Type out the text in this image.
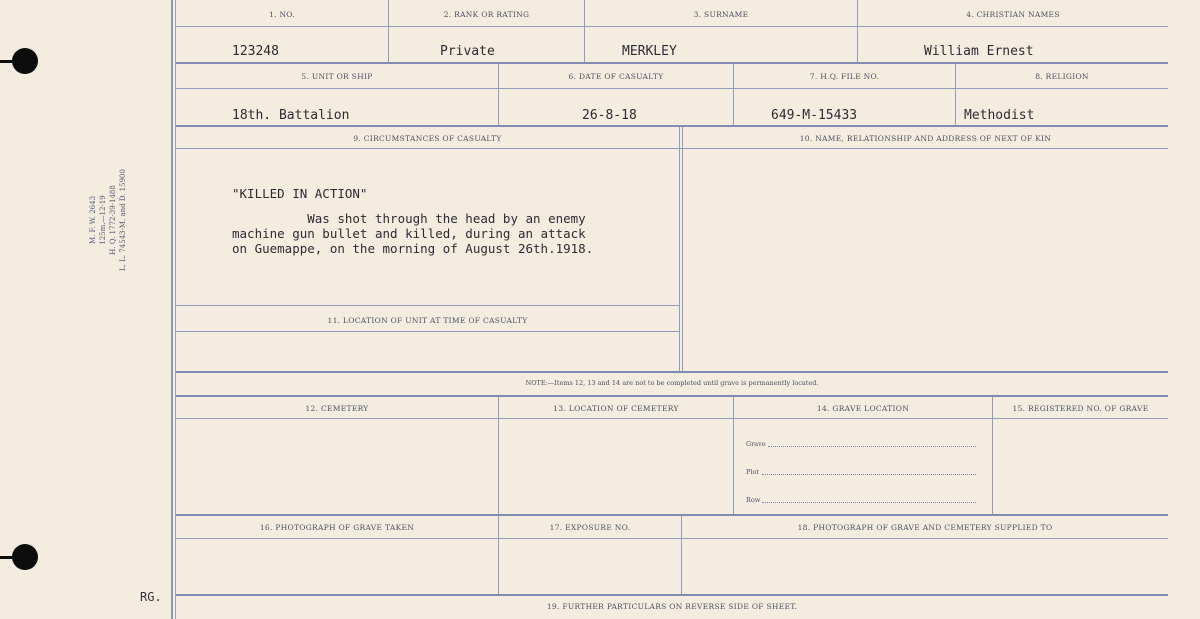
M. F. W. 2643 125m.—12-19 H. Q. 1772-39-1488 L. L. 74543-M. and D. 15900
RG.
1. NO.	2. RANK OR RATING	3. SURNAME	4. CHRISTIAN NAMES
123248	Private	MERKLEY	William Ernest
5. UNIT OR SHIP	6. DATE OF CASUALTY	7. H.Q. FILE NO.	8. RELIGION
18th. Battalion	26-8-18	649-M-15433	Methodist
9. CIRCUMSTANCES OF CASUALTY	10. NAME, RELATIONSHIP AND ADDRESS OF NEXT OF KIN
"KILLED IN ACTION"
Was shot through the head by an enemy
machine gun bullet and killed, during an attack
on Guemappe, on the morning of August 26th.1918.
11. LOCATION OF UNIT AT TIME OF CASUALTY
NOTE:—Items 12, 13 and 14 are not to be completed until grave is permanently located.
12. CEMETERY	13. LOCATION OF CEMETERY	14. GRAVE LOCATION	15. REGISTERED NO. OF GRAVE
Grave
Plot
Row
16. PHOTOGRAPH OF GRAVE TAKEN	17. EXPOSURE NO.	18. PHOTOGRAPH OF GRAVE AND CEMETERY SUPPLIED TO
19. FURTHER PARTICULARS ON REVERSE SIDE OF SHEET.
